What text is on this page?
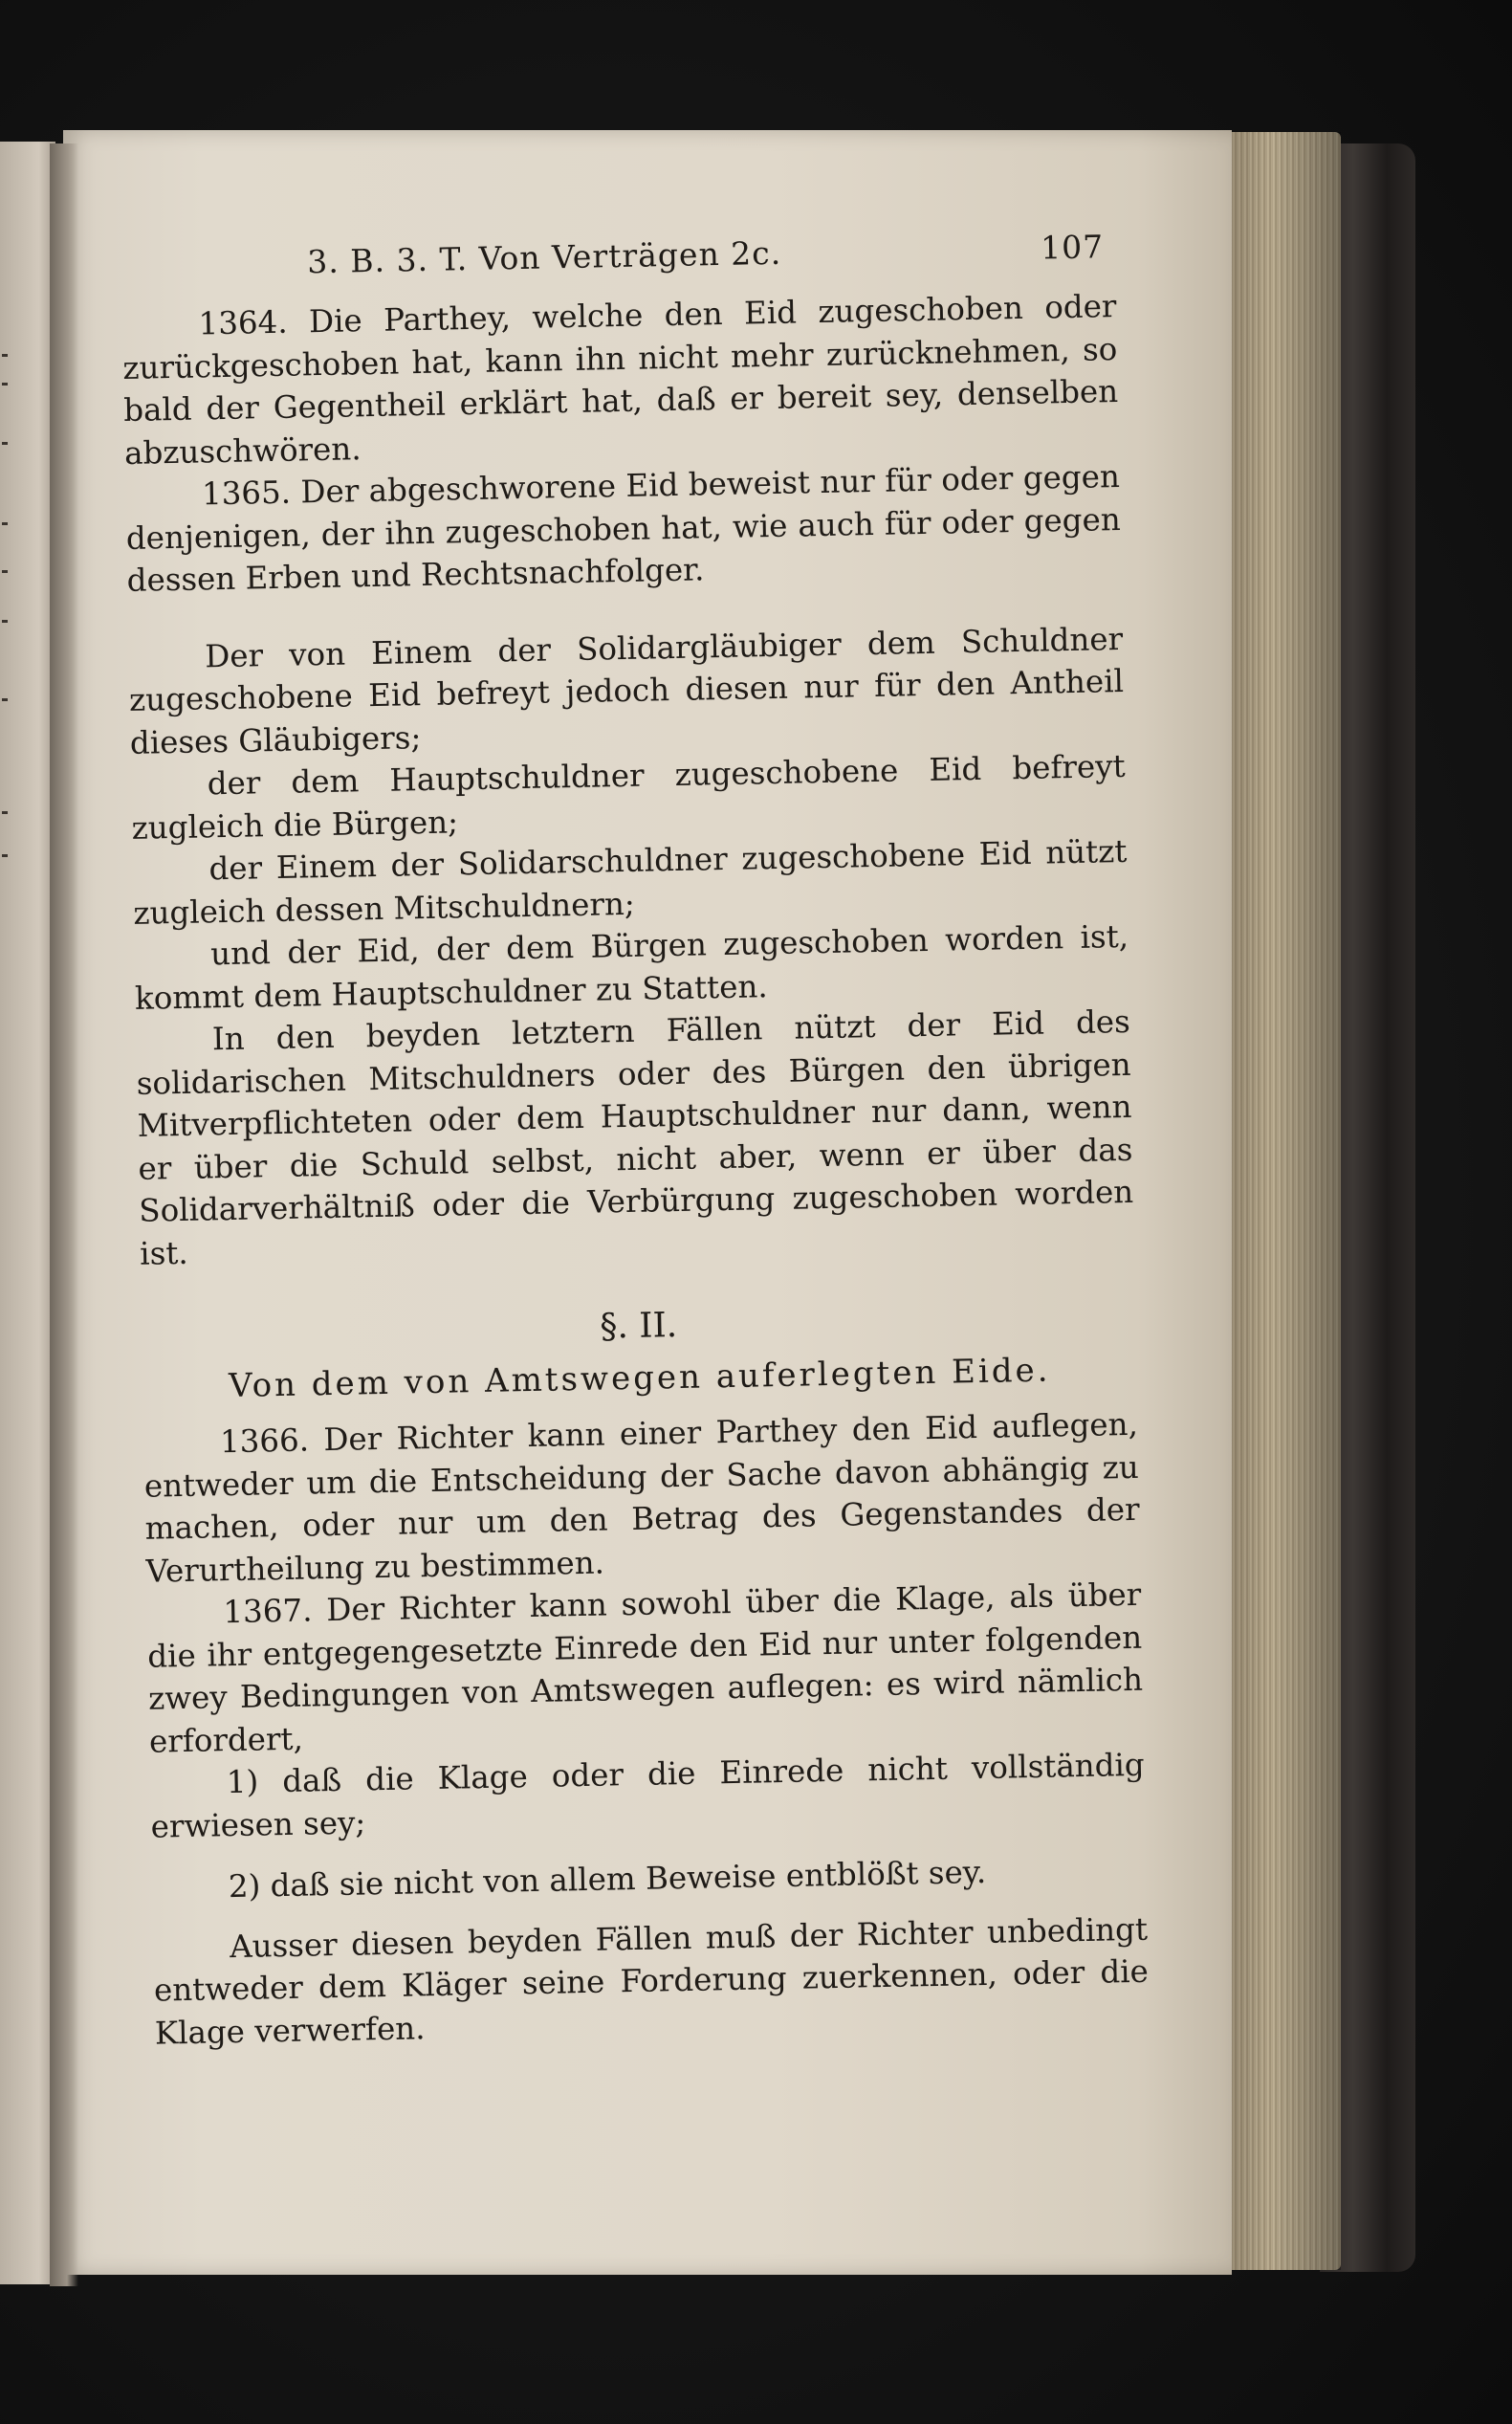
3. B. 3. T. Von Verträgen 2c.	107

1364. Die Parthey, welche den Eid zugeschoben oder zurückgeschoben hat, kann ihn nicht mehr zurücknehmen, so bald der Gegentheil erklärt hat, daß er bereit sey, denselben abzuschwören.

1365. Der abgeschworene Eid beweist nur für oder gegen denjenigen, der ihn zugeschoben hat, wie auch für oder gegen dessen Erben und Rechtsnachfolger.

Der von Einem der Solidargläubiger dem Schuldner zugeschobene Eid befreyt jedoch diesen nur für den Antheil dieses Gläubigers;

der dem Hauptschuldner zugeschobene Eid befreyt zugleich die Bürgen;

der Einem der Solidarschuldner zugeschobene Eid nützt zugleich dessen Mitschuldnern;

und der Eid, der dem Bürgen zugeschoben worden ist, kommt dem Hauptschuldner zu Statten.

In den beyden letztern Fällen nützt der Eid des solidarischen Mitschuldners oder des Bürgen den übrigen Mitverpflichteten oder dem Hauptschuldner nur dann, wenn er über die Schuld selbst, nicht aber, wenn er über das Solidarverhältniß oder die Verbürgung zugeschoben worden ist.

§. II.

Von dem von Amtswegen auferlegten Eide.

1366. Der Richter kann einer Parthey den Eid auflegen, entweder um die Entscheidung der Sache davon abhängig zu machen, oder nur um den Betrag des Gegenstandes der Verurtheilung zu bestimmen.

1367. Der Richter kann sowohl über die Klage, als über die ihr entgegengesetzte Einrede den Eid nur unter folgenden zwey Bedingungen von Amtswegen auflegen: es wird nämlich erfordert,

1) daß die Klage oder die Einrede nicht vollständig erwiesen sey;

2) daß sie nicht von allem Beweise entblößt sey.

Ausser diesen beyden Fällen muß der Richter unbedingt entweder dem Kläger seine Forderung zuerkennen, oder die Klage verwerfen.
